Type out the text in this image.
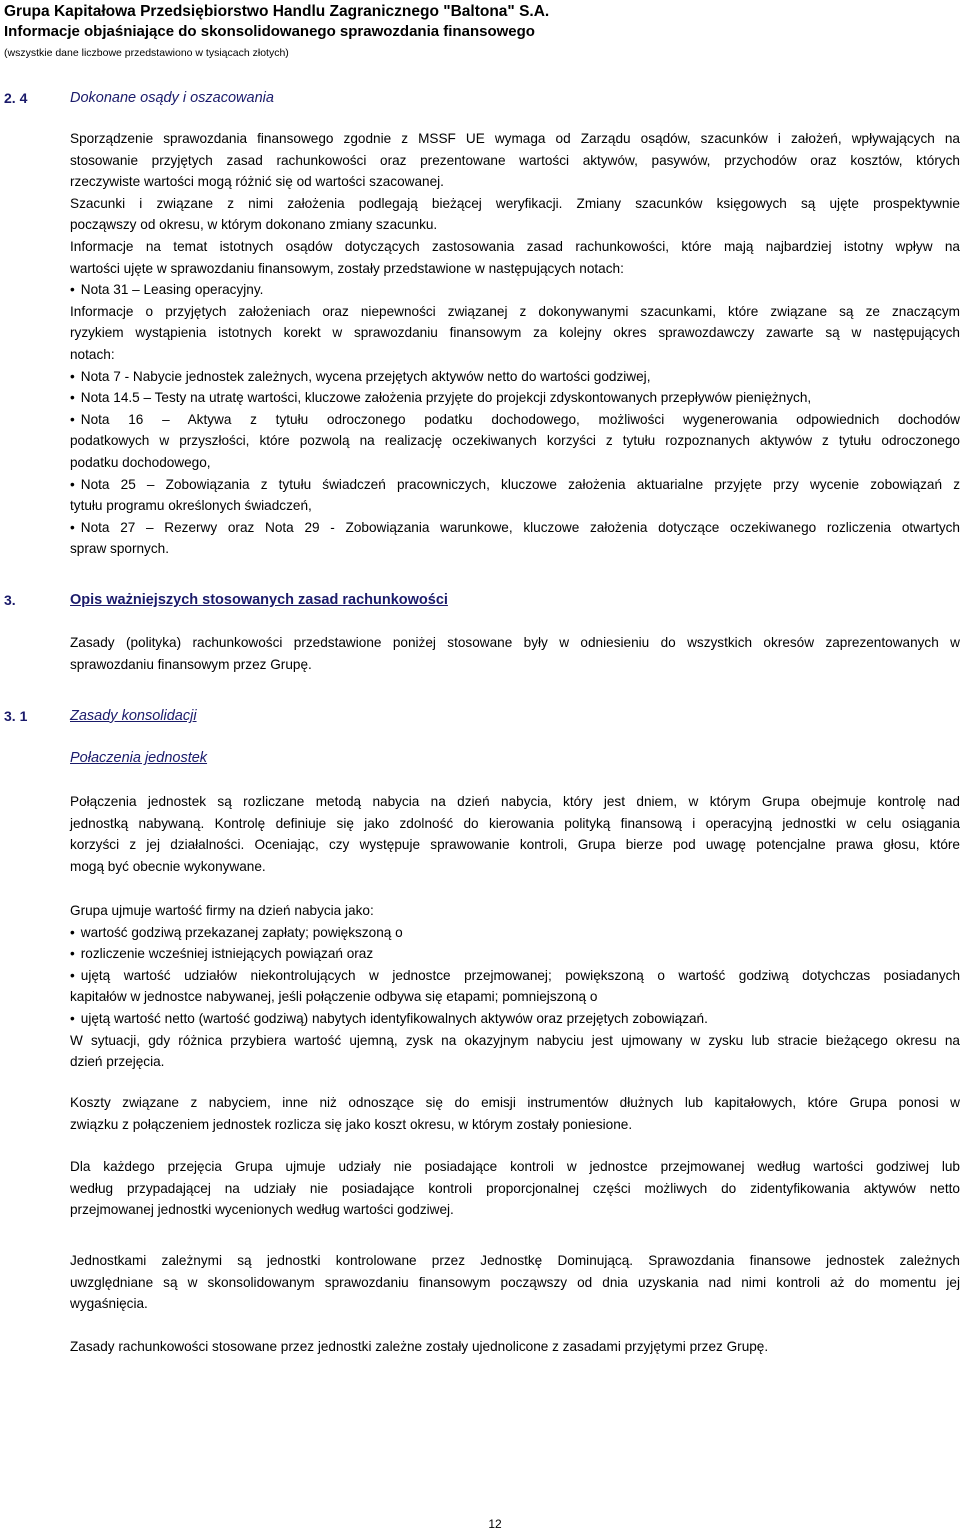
Grupa Kapitałowa Przedsiębiorstwo Handlu Zagranicznego "Baltona" S.A.
Informacje objaśniające do skonsolidowanego sprawozdania finansowego
(wszystkie dane liczbowe przedstawiono w tysiącach złotych)
2. 4	Dokonane osądy i oszacowania
Sporządzenie sprawozdania finansowego zgodnie z MSSF UE wymaga od Zarządu osądów, szacunków i założeń, wpływających na
stosowanie przyjętych zasad rachunkowości oraz prezentowane wartości aktywów, pasywów, przychodów oraz kosztów, których
rzeczywiste wartości mogą różnić się od wartości szacowanej.
Szacunki i związane z nimi założenia podlegają bieżącej weryfikacji. Zmiany szacunków księgowych są ujęte prospektywnie
począwszy od okresu, w którym dokonano zmiany szacunku.
Informacje na temat istotnych osądów dotyczących zastosowania zasad rachunkowości, które mają najbardziej istotny wpływ na
wartości ujęte w sprawozdaniu finansowym, zostały przedstawione w następujących notach:
• Nota 31 – Leasing operacyjny.
Informacje o przyjętych założeniach oraz niepewności związanej z dokonywanymi szacunkami, które związane są ze znaczącym
ryzykiem wystąpienia istotnych korekt w sprawozdaniu finansowym za kolejny okres sprawozdawczy zawarte są w następujących
notach:
• Nota 7 - Nabycie jednostek zależnych, wycena przejętych aktywów netto do wartości godziwej,
• Nota 14.5 – Testy na utratę wartości, kluczowe założenia przyjęte do projekcji zdyskontowanych przepływów pieniężnych,
• Nota 16 – Aktywa z tytułu odroczonego podatku dochodowego, możliwości wygenerowania odpowiednich dochodów
podatkowych w przyszłości, które pozwolą na realizację oczekiwanych korzyści z tytułu rozpoznanych aktywów z tytułu odroczonego
podatku dochodowego,
• Nota 25 – Zobowiązania z tytułu świadczeń pracowniczych, kluczowe założenia aktuarialne przyjęte przy wycenie zobowiązań z
tytułu programu określonych świadczeń,
• Nota 27 – Rezerwy oraz Nota 29 - Zobowiązania warunkowe, kluczowe założenia dotyczące oczekiwanego rozliczenia otwartych
spraw spornych.
3.	Opis ważniejszych stosowanych zasad rachunkowości
Zasady (polityka) rachunkowości przedstawione poniżej stosowane były w odniesieniu do wszystkich okresów zaprezentowanych w
sprawozdaniu finansowym przez Grupę.
3. 1	Zasady konsolidacji
Połaczenia jednostek
Połączenia jednostek są rozliczane metodą nabycia na dzień nabycia, który jest dniem, w którym Grupa obejmuje kontrolę nad
jednostką nabywaną. Kontrolę definiuje się jako zdolność do kierowania polityką finansową i operacyjną jednostki w celu osiągania
korzyści z jej działalności. Oceniając, czy występuje sprawowanie kontroli, Grupa bierze pod uwagę potencjalne prawa głosu, które
mogą być obecnie wykonywane.
Grupa ujmuje wartość firmy na dzień nabycia jako:
• wartość godziwą przekazanej zapłaty; powiększoną o
• rozliczenie wcześniej istniejących powiązań oraz
• ujętą wartość udziałów niekontrolujących w jednostce przejmowanej; powiększoną o wartość godziwą dotychczas posiadanych
kapitałów w jednostce nabywanej, jeśli połączenie odbywa się etapami; pomniejszoną o
• ujętą wartość netto (wartość godziwą) nabytych identyfikowalnych aktywów oraz przejętych zobowiązań.
W sytuacji, gdy różnica przybiera wartość ujemną, zysk na okazyjnym nabyciu jest ujmowany w zysku lub stracie bieżącego okresu na
dzień przejęcia.
Koszty związane z nabyciem, inne niż odnoszące się do emisji instrumentów dłużnych lub kapitałowych, które Grupa ponosi w
związku z połączeniem jednostek rozlicza się jako koszt okresu, w którym zostały poniesione.
Dla każdego przejęcia Grupa ujmuje udziały nie posiadające kontroli w jednostce przejmowanej według wartości godziwej lub
według przypadającej na udziały nie posiadające kontroli proporcjonalnej części możliwych do zidentyfikowania aktywów netto
przejmowanej jednostki wycenionych według wartości godziwej.
Jednostkami zależnymi są jednostki kontrolowane przez Jednostkę Dominującą. Sprawozdania finansowe jednostek zależnych
uwzględniane są w skonsolidowanym sprawozdaniu finansowym począwszy od dnia uzyskania nad nimi kontroli aż do momentu jej
wygaśnięcia.
Zasady rachunkowości stosowane przez jednostki zależne zostały ujednolicone z zasadami przyjętymi przez Grupę.
12
